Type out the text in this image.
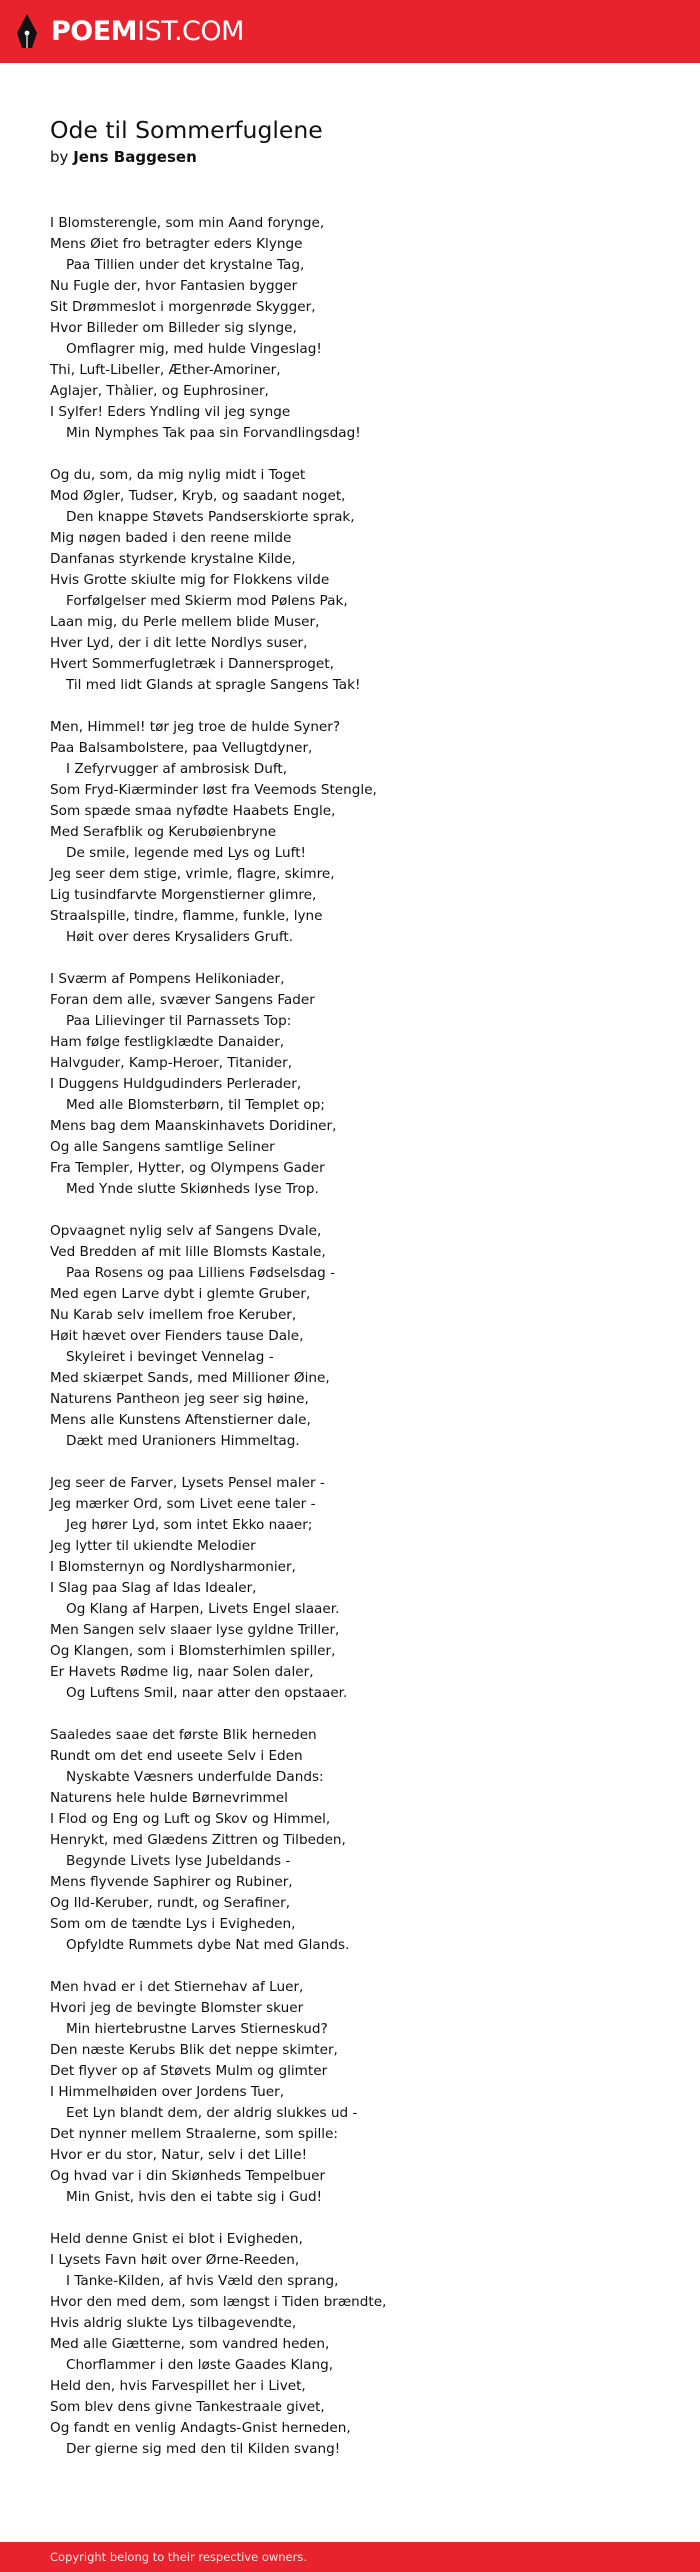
POEMIST.COM
Ode til Sommerfuglene
by Jens Baggesen
I Blomsterengle, som min Aand forynge,
Mens Øiet fro betragter eders Klynge
Paa Tillien under det krystalne Tag,
Nu Fugle der, hvor Fantasien bygger
Sit Drømmeslot i morgenrøde Skygger,
Hvor Billeder om Billeder sig slynge,
Omflagrer mig, med hulde Vingeslag!
Thi, Luft-Libeller, Æther-Amoriner,
Aglajer, Thàlier, og Euphrosiner,
I Sylfer! Eders Yndling vil jeg synge
Min Nymphes Tak paa sin Forvandlingsdag!
Og du, som, da mig nylig midt i Toget
Mod Øgler, Tudser, Kryb, og saadant noget,
Den knappe Støvets Pandserskiorte sprak,
Mig nøgen baded i den reene milde
Danfanas styrkende krystalne Kilde,
Hvis Grotte skiulte mig for Flokkens vilde
Forfølgelser med Skierm mod Pølens Pak,
Laan mig, du Perle mellem blide Muser,
Hver Lyd, der i dit lette Nordlys suser,
Hvert Sommerfugletræk i Dannersproget,
Til med lidt Glands at spragle Sangens Tak!
Men, Himmel! tør jeg troe de hulde Syner?
Paa Balsambolstere, paa Vellugtdyner,
I Zefyrvugger af ambrosisk Duft,
Som Fryd-Kiærminder løst fra Veemods Stengle,
Som spæde smaa nyfødte Haabets Engle,
Med Serafblik og Kerubøienbryne
De smile, legende med Lys og Luft!
Jeg seer dem stige, vrimle, flagre, skimre,
Lig tusindfarvte Morgenstierner glimre,
Straalspille, tindre, flamme, funkle, lyne
Høit over deres Krysaliders Gruft.
I Sværm af Pompens Helikoniader,
Foran dem alle, svæver Sangens Fader
Paa Lilievinger til Parnassets Top:
Ham følge festligklædte Danaider,
Halvguder, Kamp-Heroer, Titanider,
I Duggens Huldgudinders Perlerader,
Med alle Blomsterbørn, til Templet op;
Mens bag dem Maanskinhavets Doridiner,
Og alle Sangens samtlige Seliner
Fra Templer, Hytter, og Olympens Gader
Med Ynde slutte Skiønheds lyse Trop.
Opvaagnet nylig selv af Sangens Dvale,
Ved Bredden af mit lille Blomsts Kastale,
Paa Rosens og paa Lilliens Fødselsdag -
Med egen Larve dybt i glemte Gruber,
Nu Karab selv imellem froe Keruber,
Høit hævet over Fienders tause Dale,
Skyleiret i bevinget Vennelag -
Med skiærpet Sands, med Millioner Øine,
Naturens Pantheon jeg seer sig høine,
Mens alle Kunstens Aftenstierner dale,
Dækt med Uranioners Himmeltag.
Jeg seer de Farver, Lysets Pensel maler -
Jeg mærker Ord, som Livet eene taler -
Jeg hører Lyd, som intet Ekko naaer;
Jeg lytter til ukiendte Melodier
I Blomsternyn og Nordlysharmonier,
I Slag paa Slag af Idas Idealer,
Og Klang af Harpen, Livets Engel slaaer.
Men Sangen selv slaaer lyse gyldne Triller,
Og Klangen, som i Blomsterhimlen spiller,
Er Havets Rødme lig, naar Solen daler,
Og Luftens Smil, naar atter den opstaaer.
Saaledes saae det første Blik herneden
Rundt om det end useete Selv i Eden
Nyskabte Væsners underfulde Dands:
Naturens hele hulde Børnevrimmel
I Flod og Eng og Luft og Skov og Himmel,
Henrykt, med Glædens Zittren og Tilbeden,
Begynde Livets lyse Jubeldands -
Mens flyvende Saphirer og Rubiner,
Og Ild-Keruber, rundt, og Serafiner,
Som om de tændte Lys i Evigheden,
Opfyldte Rummets dybe Nat med Glands.
Men hvad er i det Stiernehav af Luer,
Hvori jeg de bevingte Blomster skuer
Min hiertebrustne Larves Stierneskud?
Den næste Kerubs Blik det neppe skimter,
Det flyver op af Støvets Mulm og glimter
I Himmelhøiden over Jordens Tuer,
Eet Lyn blandt dem, der aldrig slukkes ud -
Det nynner mellem Straalerne, som spille:
Hvor er du stor, Natur, selv i det Lille!
Og hvad var i din Skiønheds Tempelbuer
Min Gnist, hvis den ei tabte sig i Gud!
Held denne Gnist ei blot i Evigheden,
I Lysets Favn høit over Ørne-Reeden,
I Tanke-Kilden, af hvis Væld den sprang,
Hvor den med dem, som længst i Tiden brændte,
Hvis aldrig slukte Lys tilbagevendte,
Med alle Giætterne, som vandred heden,
Chorflammer i den løste Gaades Klang,
Held den, hvis Farvespillet her i Livet,
Som blev dens givne Tankestraale givet,
Og fandt en venlig Andagts-Gnist herneden,
Der gierne sig med den til Kilden svang!
Copyright belong to their respective owners.
